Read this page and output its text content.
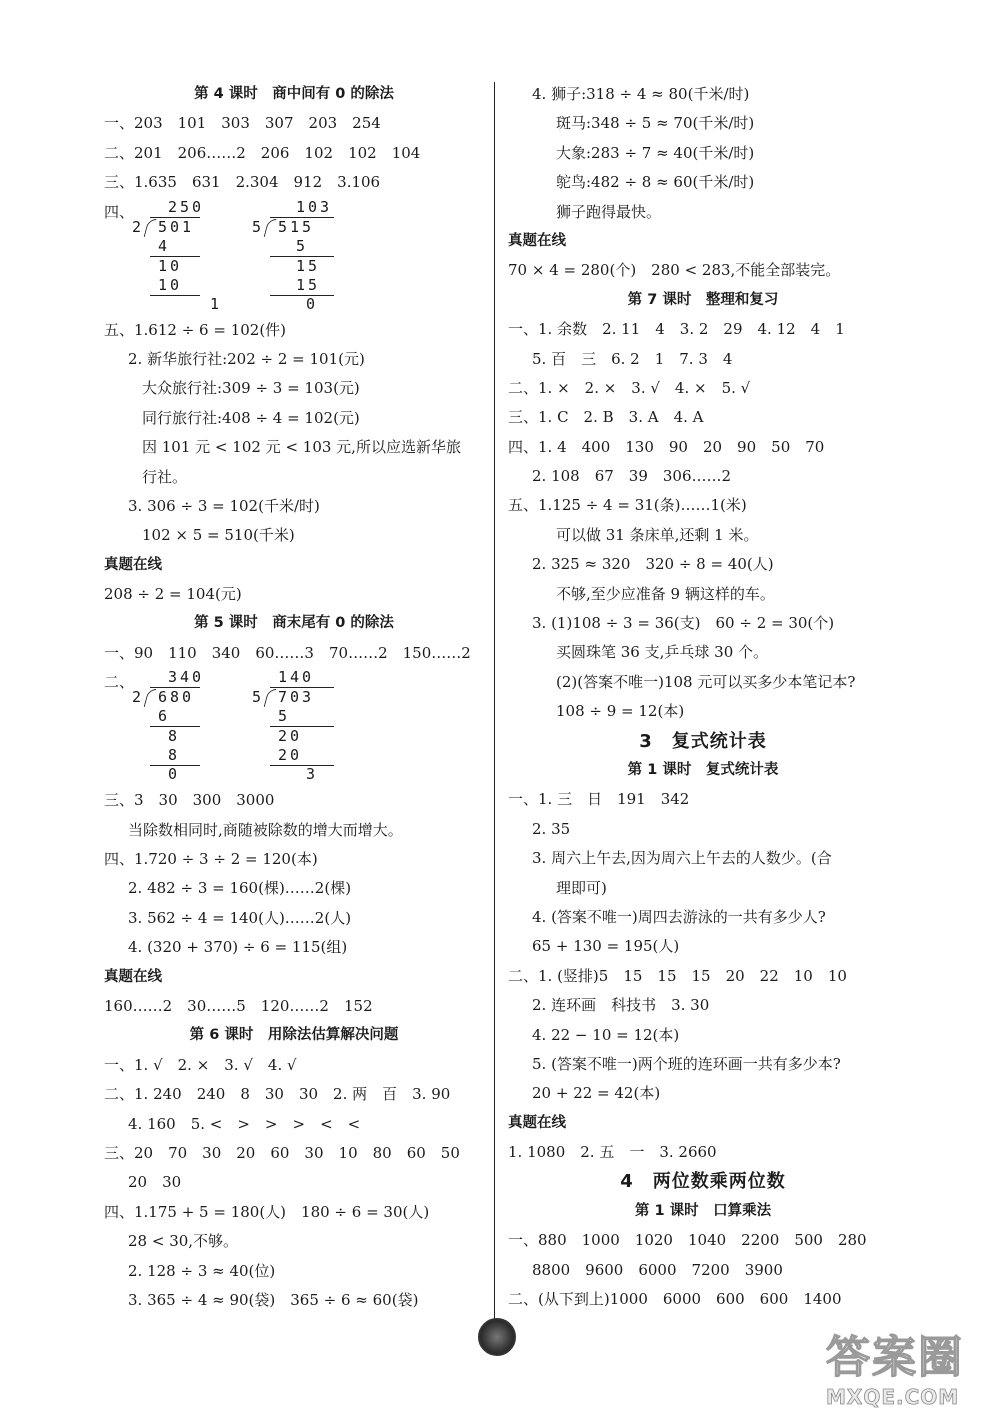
第 4 课时　商中间有 0 的除法
一、203　101　303　307　203　254
二、201　206……2　206　102　102　104
三、1.635　631　2.304　912　3.106
四、 250
2 501
4
10
10
1
103
5 515
5
15
15
0
五、1.612 ÷ 6 = 102(件)
2. 新华旅行社:202 ÷ 2 = 101(元)
大众旅行社:309 ÷ 3 = 103(元)
同行旅行社:408 ÷ 4 = 102(元)
因 101 元 < 102 元 < 103 元,所以应选新华旅
行社。
3. 306 ÷ 3 = 102(千米/时)
102 × 5 = 510(千米)
真题在线
208 ÷ 2 = 104(元)
第 5 课时　商末尾有 0 的除法
一、90　110　340　60……3　70……2　150……2
二、 340
2 680
6
8
8
0
140
5 703
5
20
20
3
三、3　30　300　3000
当除数相同时,商随被除数的增大而增大。
四、1.720 ÷ 3 ÷ 2 = 120(本)
2. 482 ÷ 3 = 160(棵)……2(棵)
3. 562 ÷ 4 = 140(人)……2(人)
4. (320 + 370) ÷ 6 = 115(组)
真题在线
160……2　30……5　120……2　152
第 6 课时　用除法估算解决问题
一、1. √　2. ×　3. √　4. √
二、1. 240　240　8　30　30　2. 两　百　3. 90
4. 160　5. <　>　>　>　<　<
三、20　70　30　20　60　30　10　80　60　50
20　30
四、1.175 + 5 = 180(人)　180 ÷ 6 = 30(人)
28 < 30,不够。
2. 128 ÷ 3 ≈ 40(位)
3. 365 ÷ 4 ≈ 90(袋)　365 ÷ 6 ≈ 60(袋)
4. 狮子:318 ÷ 4 ≈ 80(千米/时)
斑马:348 ÷ 5 ≈ 70(千米/时)
大象:283 ÷ 7 ≈ 40(千米/时)
鸵鸟:482 ÷ 8 ≈ 60(千米/时)
狮子跑得最快。
真题在线
70 × 4 = 280(个)　280 < 283,不能全部装完。
第 7 课时　整理和复习
一、1. 余数　2. 11　4　3. 2　29　4. 12　4　1
5. 百　三　6. 2　1　7. 3　4
二、1. ×　2. ×　3. √　4. ×　5. √
三、1. C　2. B　3. A　4. A
四、1. 4　400　130　90　20　90　50　70
2. 108　67　39　306……2
五、1.125 ÷ 4 = 31(条)……1(米)
可以做 31 条床单,还剩 1 米。
2. 325 ≈ 320　320 ÷ 8 = 40(人)
不够,至少应准备 9 辆这样的车。
3. (1)108 ÷ 3 = 36(支)　60 ÷ 2 = 30(个)
买圆珠笔 36 支,乒乓球 30 个。
(2)(答案不唯一)108 元可以买多少本笔记本?
108 ÷ 9 = 12(本)
3　复式统计表
第 1 课时　复式统计表
一、1. 三　日　191　342
2. 35
3. 周六上午去,因为周六上午去的人数少。(合
理即可)
4. (答案不唯一)周四去游泳的一共有多少人?
65 + 130 = 195(人)
二、1. (竖排)5　15　15　15　20　22　10　10
2. 连环画　科技书　3. 30
4. 22 − 10 = 12(本)
5. (答案不唯一)两个班的连环画一共有多少本?
20 + 22 = 42(本)
真题在线
1. 1080　2. 五　一　3. 2660
4　两位数乘两位数
第 1 课时　口算乘法
一、880　1000　1020　1040　2200　500　280
8800　9600　6000　7200　3900
二、(从下到上)1000　6000　600　600　1400
答案圈
MXQE.COM
